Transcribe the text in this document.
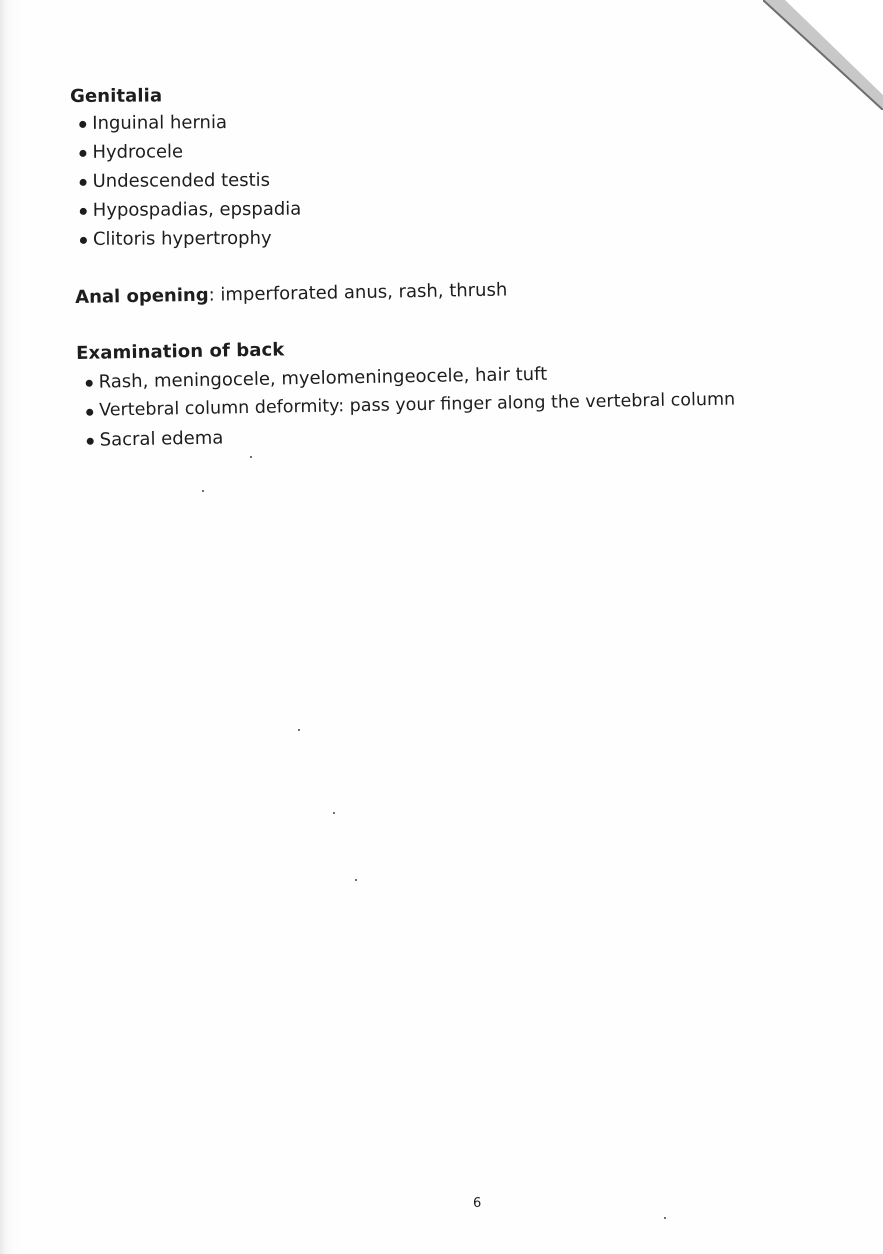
Genitalia
Inguinal hernia
Hydrocele
Undescended testis
Hypospadias, epspadia
Clitoris hypertrophy
Anal opening: imperforated anus, rash, thrush
Examination of back
Rash, meningocele, myelomeningeocele, hair tuft
Vertebral column deformity: pass your finger along the vertebral column
Sacral edema
6
